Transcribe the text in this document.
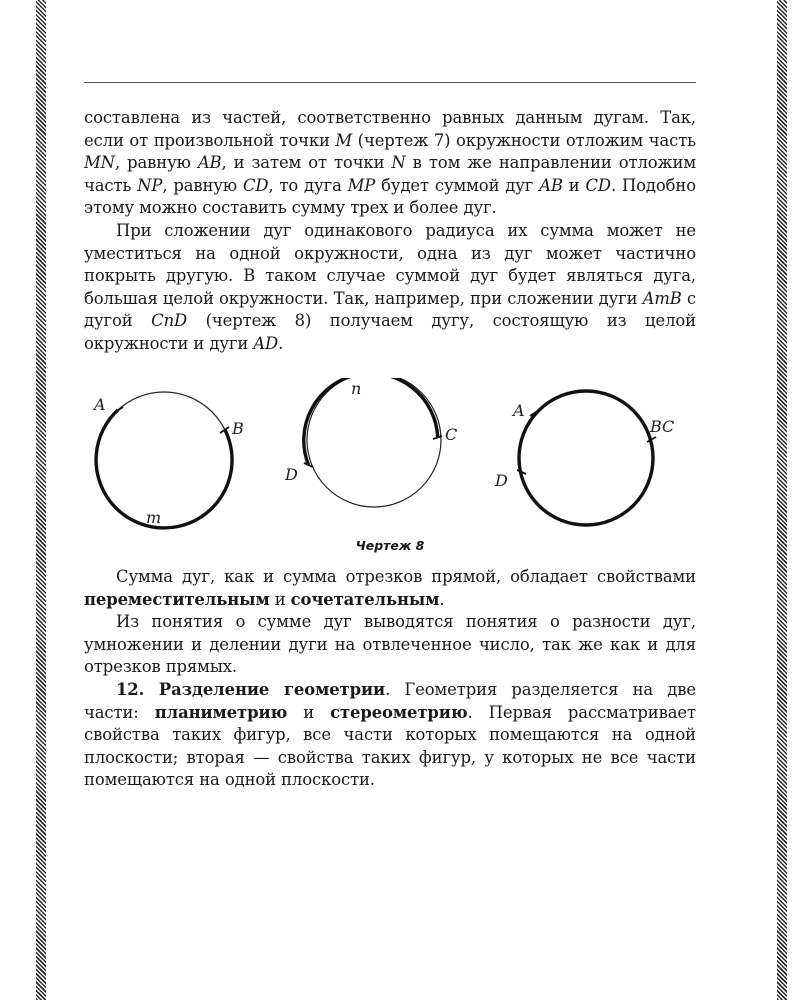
составлена из частей, соответственно равных данным дугам. Так, если от произвольной точки M (чертеж 7) окружности отложим часть MN, равную AB, и затем от точки N в том же направлении отложим часть NP, равную CD, то дуга MP будет суммой дуг AB и CD. Подобно этому можно составить сумму трех и более дуг.

При сложении дуг одинакового радиуса их сумма может не уместиться на одной окружности, одна из дуг может частично покрыть другую. В таком случае суммой дуг будет являться дуга, большая целой окружности. Так, например, при сложении дуги AmB с дугой CnD (чертеж 8) получаем дугу, состоящую из целой окружности и дуги AD.

A
B
m
n
C
D
A
BC
D
Чертеж 8

Сумма дуг, как и сумма отрезков прямой, обладает свойствами переместительным и сочетательным.

Из понятия о сумме дуг выводятся понятия о разности дуг, умножении и делении дуги на отвлеченное число, так же как и для отрезков прямых.

12. Разделение геометрии. Геометрия разделяется на две части: планиметрию и стереометрию. Первая рассматривает свойства таких фигур, все части которых помещаются на одной плоскости; вторая — свойства таких фигур, у которых не все части помещаются на одной плоскости.
